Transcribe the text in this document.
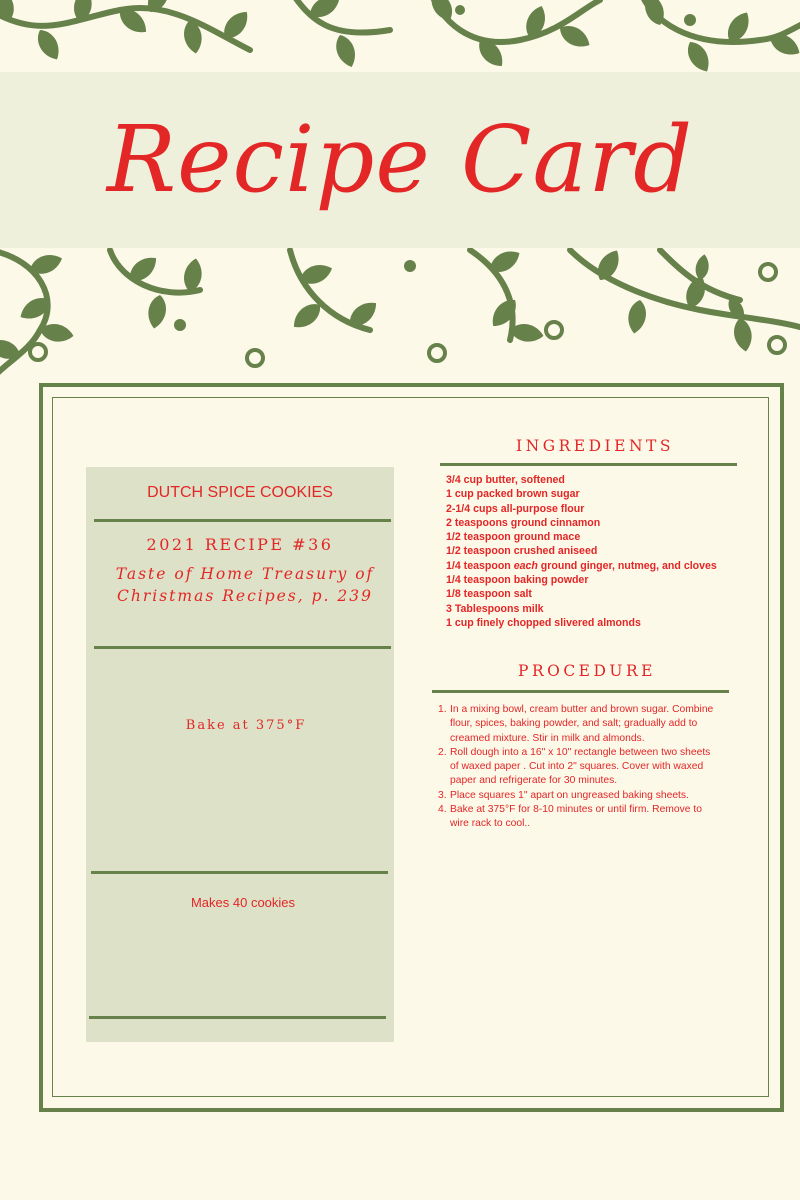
Recipe Card
DUTCH SPICE COOKIES
2021 RECIPE #36
Taste of Home Treasury of
Christmas Recipes, p. 239
Bake at 375°F
Makes 40 cookies
INGREDIENTS
3/4 cup butter, softened
1 cup packed brown sugar
2-1/4 cups all-purpose flour
2 teaspoons ground cinnamon
1/2 teaspoon ground mace
1/2 teaspoon crushed aniseed
1/4 teaspoon each ground ginger, nutmeg, and cloves
1/4 teaspoon baking powder
1/8 teaspoon salt
3 Tablespoons milk
1 cup finely chopped slivered almonds
PROCEDURE
1. In a mixing bowl, cream butter and brown sugar. Combine
flour, spices, baking powder, and salt; gradually add to
creamed mixture. Stir in milk and almonds.
2. Roll dough into a 16" x 10" rectangle between two sheets
of waxed paper . Cut into 2" squares. Cover with waxed
paper and refrigerate for 30 minutes.
3. Place squares 1" apart on ungreased baking sheets.
4. Bake at 375°F for 8-10 minutes or until firm. Remove to
wire rack to cool..
